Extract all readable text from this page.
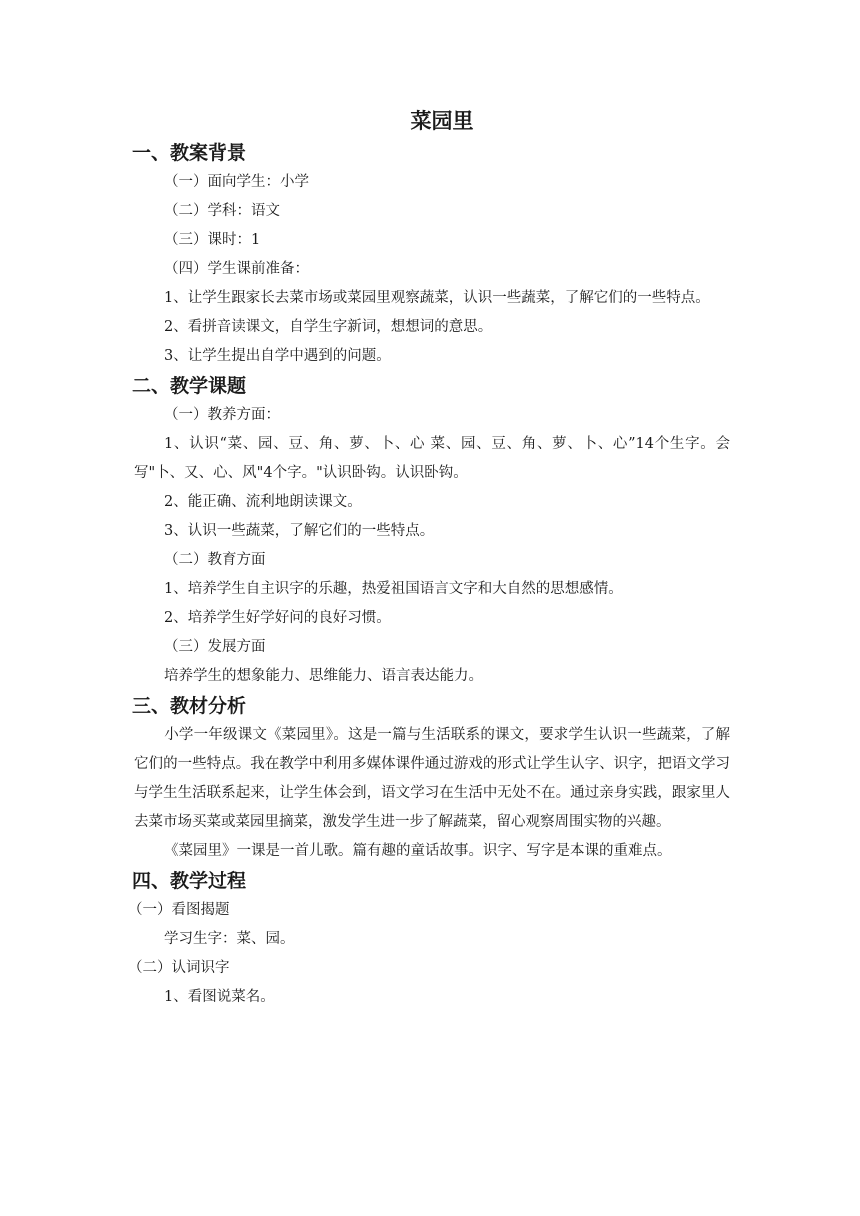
菜园里
一、教案背景
（一）面向学生：小学
（二）学科：语文
（三）课时：1
（四）学生课前准备：

1、让学生跟家长去菜市场或菜园里观察蔬菜，认识一些蔬菜，了解它们的一些特点。

2、看拼音读课文，自学生字新词，想想词的意思。
3、让学生提出自学中遇到的问题。
二、教学课题
（一）教养方面：

1、认识“菜、园、豆、角、萝、卜、心 菜、园、豆、角、萝、卜、心”14个生字。会写"卜、又、心、风"4个字。"认识卧钩。认识卧钩。

2、能正确、流利地朗读课文。
3、认识一些蔬菜，了解它们的一些特点。
（二）教育方面
1、培养学生自主识字的乐趣，热爱祖国语言文字和大自然的思想感情。
2、培养学生好学好问的良好习惯。
（三）发展方面
培养学生的想象能力、思维能力、语言表达能力。
三、教材分析

小学一年级课文《菜园里》。这是一篇与生活联系的课文，要求学生认识一些蔬菜，了解它们的一些特点。我在教学中利用多媒体课件通过游戏的形式让学生认字、识字，把语文学习与学生生活联系起来，让学生体会到，语文学习在生活中无处不在。通过亲身实践，跟家里人去菜市场买菜或菜园里摘菜，激发学生进一步了解蔬菜，留心观察周围实物的兴趣。

《菜园里》一课是一首儿歌。篇有趣的童话故事。识字、写字是本课的重难点。

四、教学过程
（一）看图揭题
学习生字：菜、园。
（二）认词识字
1、看图说菜名。
